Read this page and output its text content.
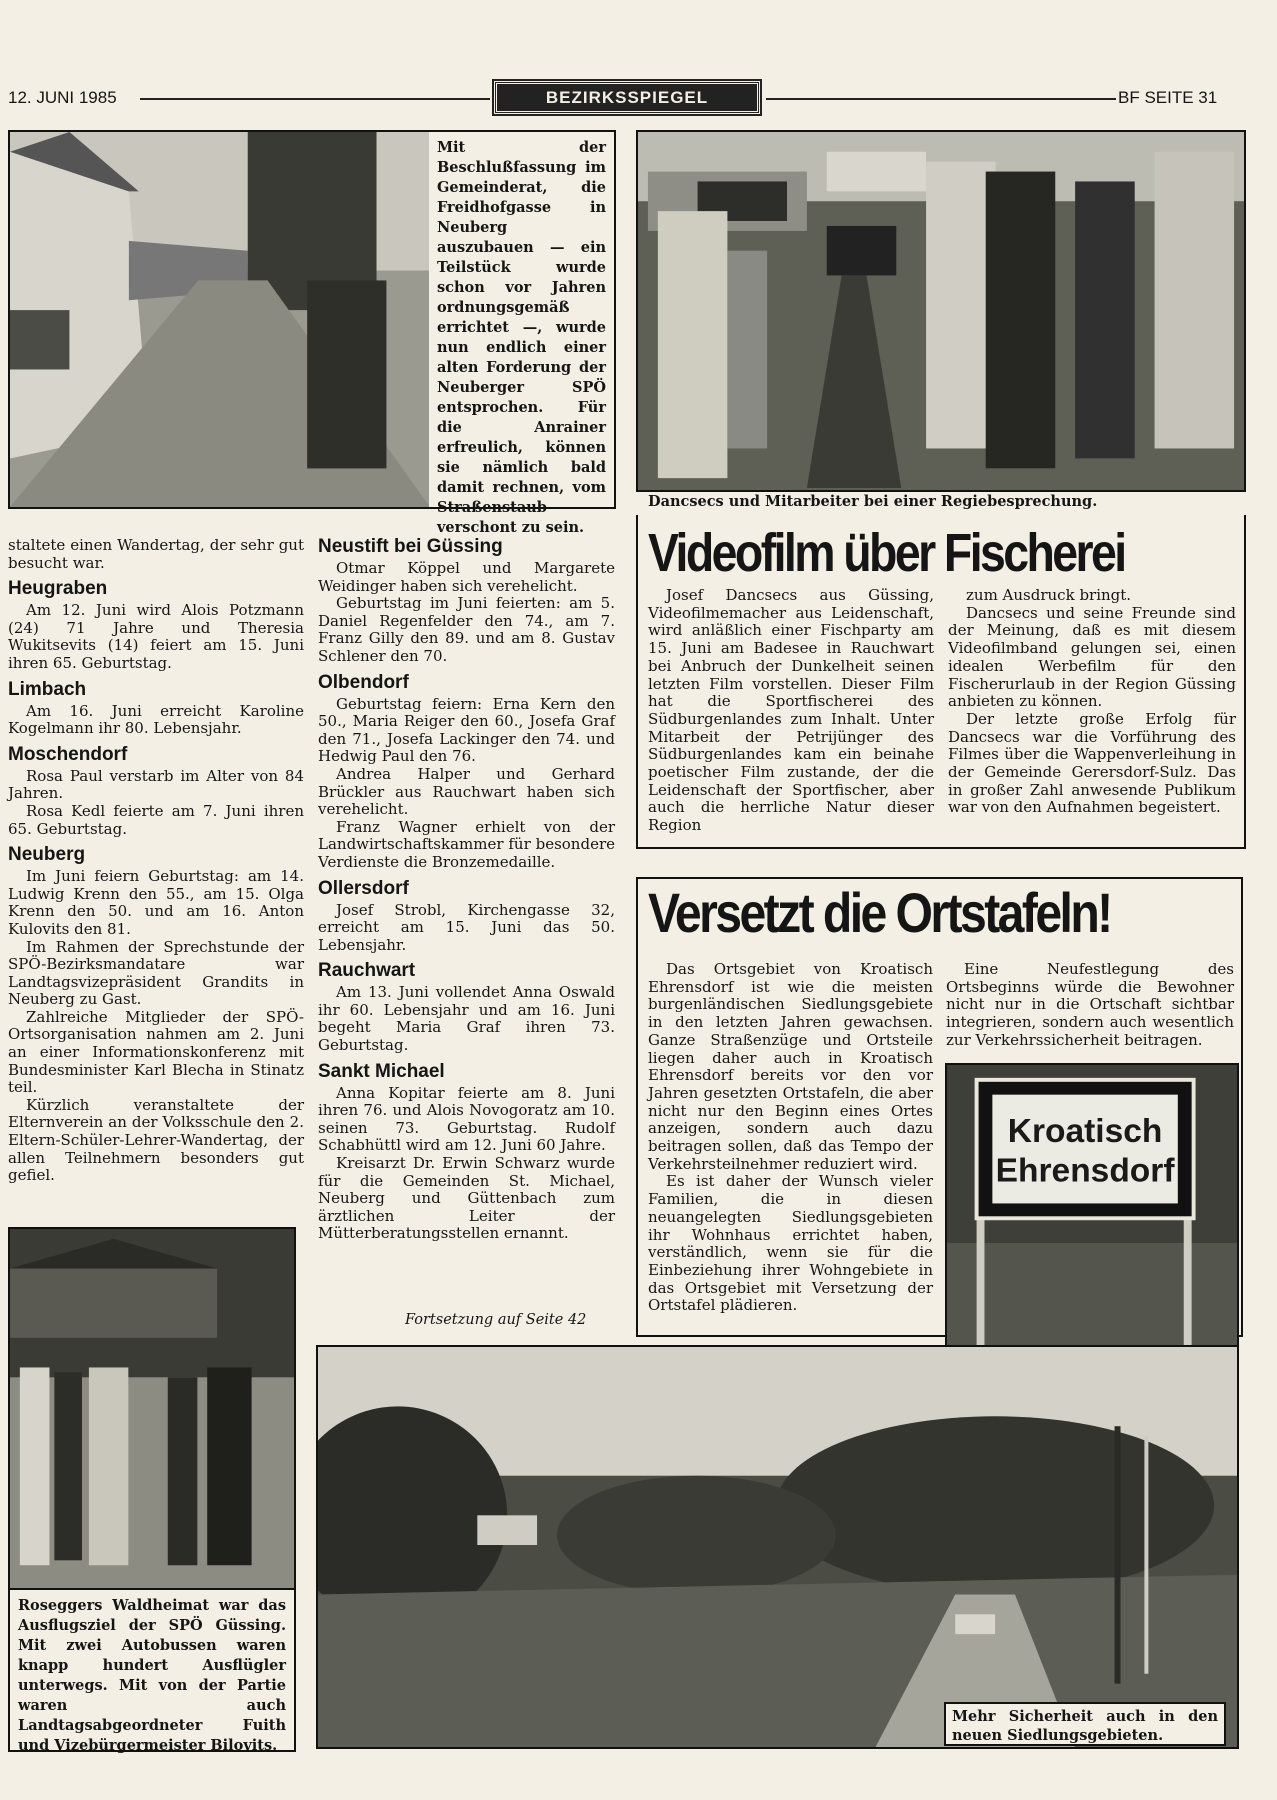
12. JUNI 1985	BEZIRKSSPIEGEL	BF SEITE 31
Mit der Beschlußfassung im Gemeinderat, die Freidhofgasse in Neuberg auszubauen — ein Teilstück wurde schon vor Jahren ordnungsgemäß errichtet —, wurde nun endlich einer alten Forderung der Neuberger SPÖ entsprochen. Für die Anrainer erfreulich, können sie nämlich bald damit rechnen, vom Straßenstaub verschont zu sein.
Dancsecs und Mitarbeiter bei einer Regiebesprechung.

staltete einen Wandertag, der sehr gut besucht war.

Heugraben

Am 12. Juni wird Alois Potzmann (24) 71 Jahre und Theresia Wukitsevits (14) feiert am 15. Juni ihren 65. Geburtstag.

Limbach

Am 16. Juni erreicht Karoline Kogelmann ihr 80. Lebensjahr.

Moschendorf

Rosa Paul verstarb im Alter von 84 Jahren.

Rosa Kedl feierte am 7. Juni ihren 65. Geburtstag.

Neuberg

Im Juni feiern Geburtstag: am 14. Ludwig Krenn den 55., am 15. Olga Krenn den 50. und am 16. Anton Kulovits den 81.

Im Rahmen der Sprechstunde der SPÖ-Bezirksmandatare war Landtagsvizepräsident Grandits in Neuberg zu Gast.

Zahlreiche Mitglieder der SPÖ-Ortsorganisation nahmen am 2. Juni an einer Informationskonferenz mit Bundesminister Karl Blecha in Stinatz teil.

Kürzlich veranstaltete der Elternverein an der Volksschule den 2. Eltern-Schüler-Lehrer-Wandertag, der allen Teilnehmern besonders gut gefiel.

Neustift bei Güssing

Otmar Köppel und Margarete Weidinger haben sich verehelicht.

Geburtstag im Juni feierten: am 5. Daniel Regenfelder den 74., am 7. Franz Gilly den 89. und am 8. Gustav Schlener den 70.

Olbendorf

Geburtstag feiern: Erna Kern den 50., Maria Reiger den 60., Josefa Graf den 71., Josefa Lackinger den 74. und Hedwig Paul den 76.

Andrea Halper und Gerhard Brückler aus Rauchwart haben sich verehelicht.

Franz Wagner erhielt von der Landwirtschaftskammer für besondere Verdienste die Bronzemedaille.

Ollersdorf

Josef Strobl, Kirchengasse 32, erreicht am 15. Juni das 50. Lebensjahr.

Rauchwart

Am 13. Juni vollendet Anna Oswald ihr 60. Lebensjahr und am 16. Juni begeht Maria Graf ihren 73. Geburtstag.

Sankt Michael

Anna Kopitar feierte am 8. Juni ihren 76. und Alois Novogoratz am 10. seinen 73. Geburtstag. Rudolf Schabhüttl wird am 12. Juni 60 Jahre.

Kreisarzt Dr. Erwin Schwarz wurde für die Gemeinden St. Michael, Neuberg und Güttenbach zum ärztlichen Leiter der Mütterberatungsstellen ernannt.

Fortsetzung auf Seite 42
Videofilm über Fischerei

Josef Dancsecs aus Güssing, Videofilmemacher aus Leidenschaft, wird anläßlich einer Fischparty am 15. Juni am Badesee in Rauchwart bei Anbruch der Dunkelheit seinen letzten Film vorstellen. Dieser Film hat die Sportfischerei des Südburgenlandes zum Inhalt. Unter Mitarbeit der Petrijünger des Südburgenlandes kam ein beinahe poetischer Film zustande, der die Leidenschaft der Sportfischer, aber auch die herrliche Natur dieser Region

zum Ausdruck bringt.

Dancsecs und seine Freunde sind der Meinung, daß es mit diesem Videofilmband gelungen sei, einen idealen Werbefilm für den Fischerurlaub in der Region Güssing anbieten zu können.

Der letzte große Erfolg für Dancsecs war die Vorführung des Filmes über die Wappenverleihung in der Gemeinde Gerersdorf-Sulz. Das in großer Zahl anwesende Publikum war von den Aufnahmen begeistert.

Versetzt die Ortstafeln!

Das Ortsgebiet von Kroatisch Ehrensdorf ist wie die meisten burgenländischen Siedlungsgebiete in den letzten Jahren gewachsen. Ganze Straßenzüge und Ortsteile liegen daher auch in Kroatisch Ehrensdorf bereits vor den vor Jahren gesetzten Ortstafeln, die aber nicht nur den Beginn eines Ortes anzeigen, sondern auch dazu beitragen sollen, daß das Tempo der Verkehrsteilnehmer reduziert wird.

Es ist daher der Wunsch vieler Familien, die in diesen neuangelegten Siedlungsgebieten ihr Wohnhaus errichtet haben, verständlich, wenn sie für die Einbeziehung ihrer Wohngebiete in das Ortsgebiet mit Versetzung der Ortstafel plädieren.

Eine Neufestlegung des Ortsbeginns würde die Bewohner nicht nur in die Ortschaft sichtbar integrieren, sondern auch wesentlich zur Verkehrssicherheit beitragen.

Kroatisch
Ehrensdorf
Roseggers Waldheimat war das Ausflugsziel der SPÖ Güssing. Mit zwei Autobussen waren knapp hundert Ausflügler unterwegs. Mit von der Partie waren auch Landtagsabgeordneter Fuith und Vizebürgermeister Bilovits.
Mehr Sicherheit auch in den neuen Siedlungsgebieten.
